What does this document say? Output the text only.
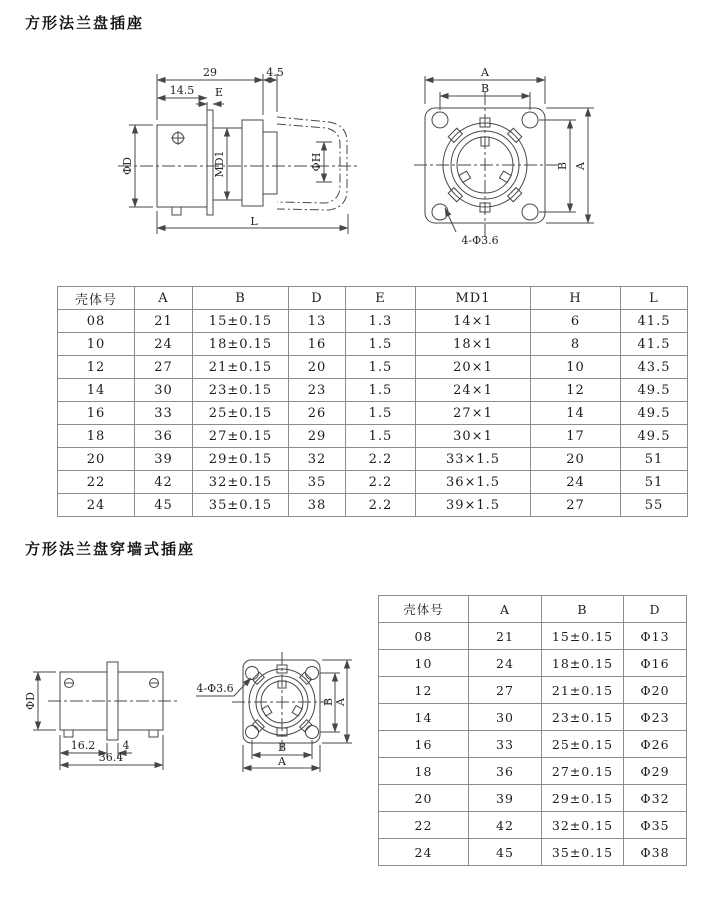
方形法兰盘插座
29	4.5
14.5 E
ΦD	MD1	ΦH
L
A
B
B A
4-Φ3.6
壳体号	A	B	D	E	MD1	H	L
08	21	15±0.15	13	1.3	14×1	6	41.5
10	24	18±0.15	16	1.5	18×1	8	41.5
12	27	21±0.15	20	1.5	20×1	10	43.5
14	30	23±0.15	23	1.5	24×1	12	49.5
16	33	25±0.15	26	1.5	27×1	14	49.5
18	36	27±0.15	29	1.5	30×1	17	49.5
20	39	29±0.15	32	2.2	33×1.5	20	51
22	42	32±0.15	35	2.2	36×1.5	24	51
24	45	35±0.15	38	2.2	39×1.5	27	55
方形法兰盘穿墙式插座
ΦD
16.2 4
36.4
4-Φ3.6
B
A
B A
壳体号	A	B	D
08	21	15±0.15	Φ13
10	24	18±0.15	Φ16
12	27	21±0.15	Φ20
14	30	23±0.15	Φ23
16	33	25±0.15	Φ26
18	36	27±0.15	Φ29
20	39	29±0.15	Φ32
22	42	32±0.15	Φ35
24	45	35±0.15	Φ38
